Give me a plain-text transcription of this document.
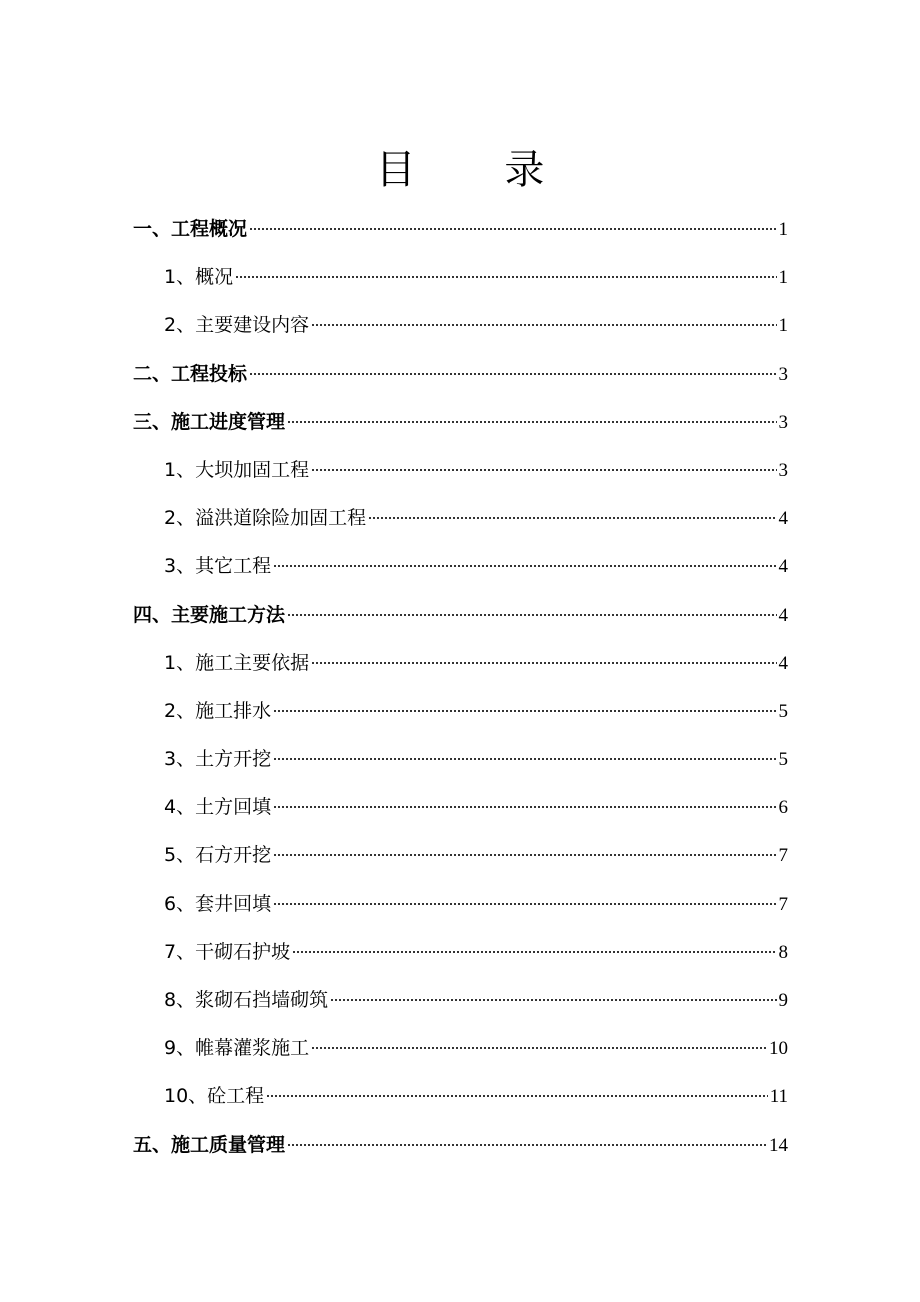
目 录
一、工程概况	1
1、概况	1
2、主要建设内容	1
二、工程投标	3
三、施工进度管理	3
1、大坝加固工程	3
2、溢洪道除险加固工程	4
3、其它工程	4
四、主要施工方法	4
1、施工主要依据	4
2、施工排水	5
3、土方开挖	5
4、土方回填	6
5、石方开挖	7
6、套井回填	7
7、干砌石护坡	8
8、浆砌石挡墙砌筑	9
9、帷幕灌浆施工	10
10、砼工程	11
五、施工质量管理	14
